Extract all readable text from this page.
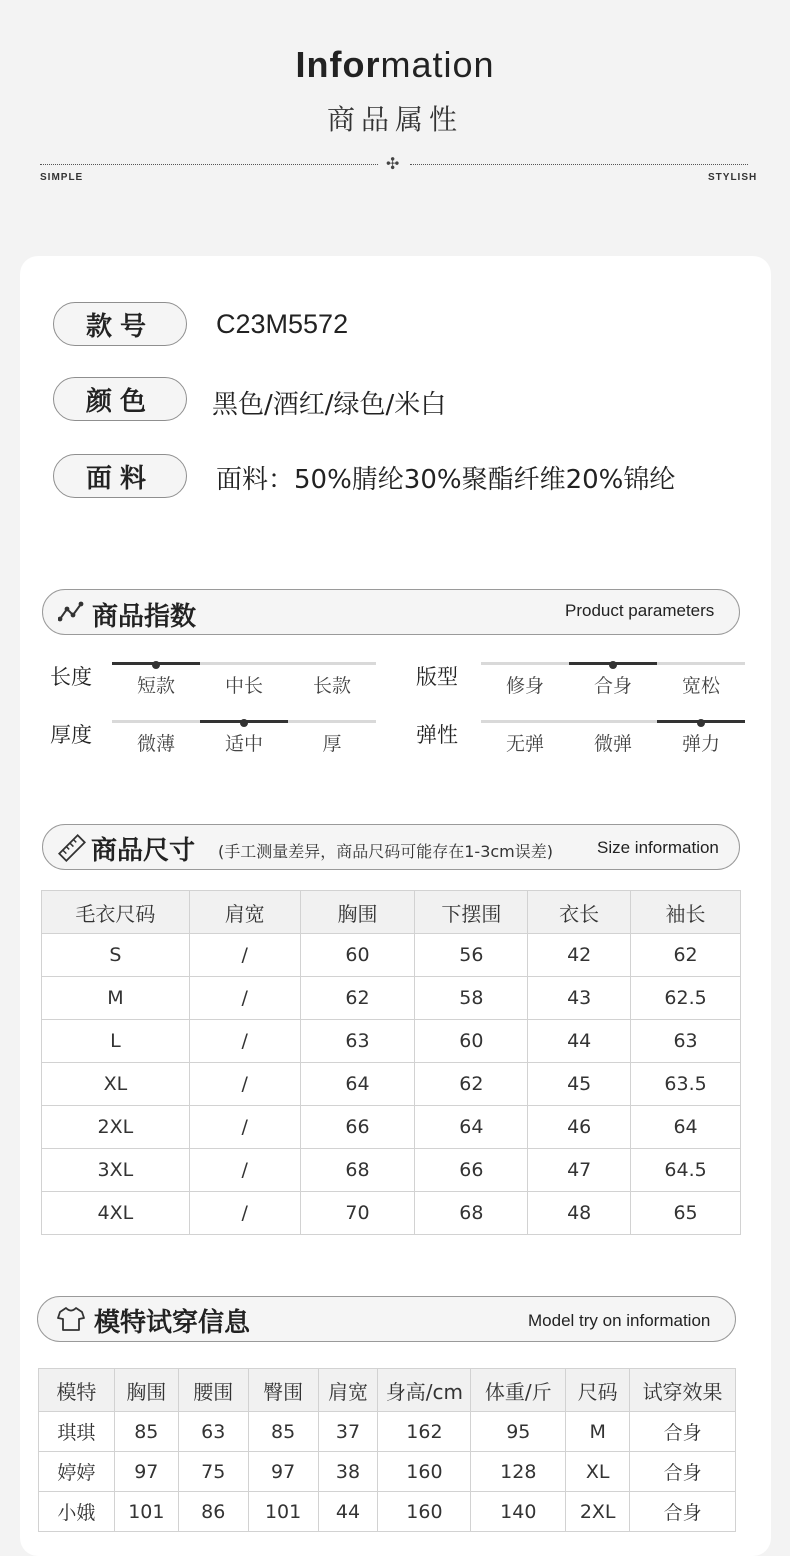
Information
商品属性
✣
SIMPLE	STYLISH
款号	C23M5572
颜色	黑色/酒红/绿色/米白
面料	面料：50%腈纶30%聚酯纤维20%锦纶
商品指数	Product parameters
长度	短款	中长	长款	版型	修身	合身	宽松
厚度	微薄	适中	厚	弹性	无弹	微弹	弹力
商品尺寸 (手工测量差异，商品尺码可能存在1-3cm误差)	Size information
毛衣尺码	肩宽	胸围	下摆围	衣长	袖长
S	/	60	56	42	62
M	/	62	58	43	62.5
L	/	63	60	44	63
XL	/	64	62	45	63.5
2XL	/	66	64	46	64
3XL	/	68	66	47	64.5
4XL	/	70	68	48	65
模特试穿信息	Model try on information
模特	胸围	腰围	臀围	肩宽	身高/cm	体重/斤	尺码	试穿效果
琪琪	85	63	85	37	162	95	M	合身
婷婷	97	75	97	38	160	128	XL	合身
小娥	101	86	101	44	160	140	2XL	合身
